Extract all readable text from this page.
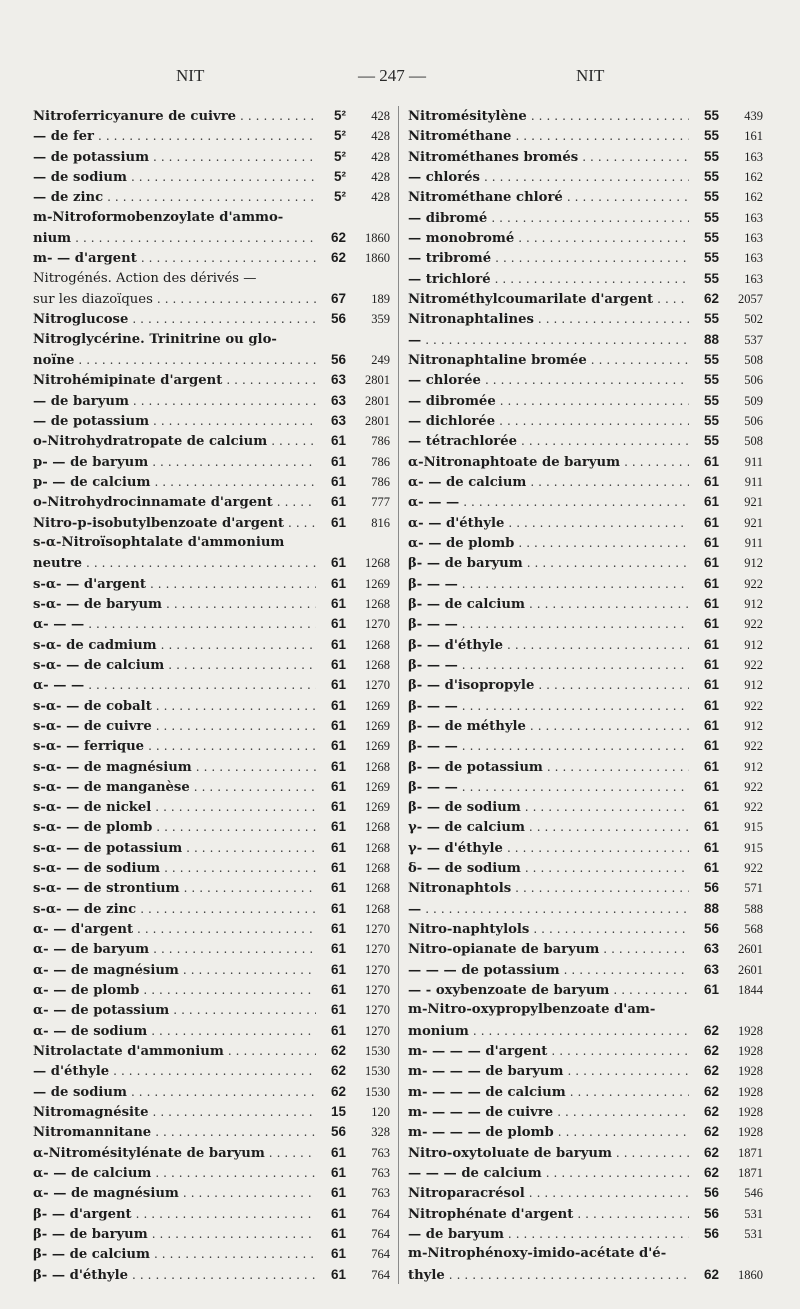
NIT	— 247 —	NIT
Nitroferricyanure de cuivre .....	5²	428
— de fer .....	5²	428
— de potassium .....	5²	428
— de sodium .....	5²	428
— de zinc .....	5²	428
m-Nitroformobenzoylate d'ammo-
nium .....	62	1860
m- — d'argent .....	62	1860
Nitrogénés. Action des dérivés —
sur les diazoïques .....	67	189
Nitroglucose .....	56	359
Nitroglycérine. Trinitrine ou glo-
noïne .....	56	249
Nitrohémipinate d'argent .....	63	2801
— de baryum .....	63	2801
— de potassium .....	63	2801
o-Nitrohydratropate de calcium .....	61	786
p- — de baryum .....	61	786
p- — de calcium .....	61	786
o-Nitrohydrocinnamate d'argent .....	61	777
Nitro-p-isobutylbenzoate d'argent .....	61	816
s-α-Nitroïsophtalate d'ammonium
neutre .....	61	1268
s-α- — d'argent .....	61	1269
s-α- — de baryum .....	61	1268
α- — — .....	61	1270
s-α- de cadmium .....	61	1268
s-α- — de calcium .....	61	1268
α- — — .....	61	1270
s-α- — de cobalt .....	61	1269
s-α- — de cuivre .....	61	1269
s-α- — ferrique .....	61	1269
s-α- — de magnésium .....	61	1268
s-α- — de manganèse .....	61	1269
s-α- — de nickel .....	61	1269
s-α- — de plomb .....	61	1268
s-α- — de potassium .....	61	1268
s-α- — de sodium .....	61	1268
s-α- — de strontium .....	61	1268
s-α- — de zinc .....	61	1268
α- — d'argent .....	61	1270
α- — de baryum .....	61	1270
α- — de magnésium .....	61	1270
α- — de plomb .....	61	1270
α- — de potassium .....	61	1270
α- — de sodium .....	61	1270
Nitrolactate d'ammonium .....	62	1530
— d'éthyle .....	62	1530
— de sodium .....	62	1530
Nitromagnésite .....	15	120
Nitromannitane .....	56	328
α-Nitromésitylénate de baryum .....	61	763
α- — de calcium .....	61	763
α- — de magnésium .....	61	763
β- — d'argent .....	61	764
β- — de baryum .....	61	764
β- — de calcium .....	61	764
β- — d'éthyle .....	61	764
Nitromésitylène .....	55	439
Nitrométhane .....	55	161
Nitrométhanes bromés .....	55	163
— chlorés .....	55	162
Nitrométhane chloré .....	55	162
— dibromé .....	55	163
— monobromé .....	55	163
— tribromé .....	55	163
— trichloré .....	55	163
Nitrométhylcoumarilate d'argent .....	62	2057
Nitronaphtalines .....	55	502
— .....	88	537
Nitronaphtaline bromée .....	55	508
— chlorée .....	55	506
— dibromée .....	55	509
— dichlorée .....	55	506
— tétrachlorée .....	55	508
α-Nitronaphtoate de baryum .....	61	911
α- — de calcium .....	61	911
α- — — .....	61	921
α- — d'éthyle .....	61	921
α- — de plomb .....	61	911
β- — de baryum .....	61	912
β- — — .....	61	922
β- — de calcium .....	61	912
β- — — .....	61	922
β- — d'éthyle .....	61	912
β- — — .....	61	922
β- — d'isopropyle .....	61	912
β- — — .....	61	922
β- — de méthyle .....	61	912
β- — — .....	61	922
β- — de potassium .....	61	912
β- — — .....	61	922
β- — de sodium .....	61	922
γ- — de calcium .....	61	915
γ- — d'éthyle .....	61	915
δ- — de sodium .....	61	922
Nitronaphtols .....	56	571
— .....	88	588
Nitro-naphtylols .....	56	568
Nitro-opianate de baryum .....	63	2601
— — — de potassium .....	63	2601
— - oxybenzoate de baryum .....	61	1844
m-Nitro-oxypropylbenzoate d'am-
monium .....	62	1928
m- — — — d'argent .....	62	1928
m- — — — de baryum .....	62	1928
m- — — — de calcium .....	62	1928
m- — — — de cuivre .....	62	1928
m- — — — de plomb .....	62	1928
Nitro-oxytoluate de baryum .....	62	1871
— — — de calcium .....	62	1871
Nitroparacrésol .....	56	546
Nitrophénate d'argent .....	56	531
— de baryum .....	56	531
m-Nitrophénoxy-imido-acétate d'é-
thyle .....	62	1860
